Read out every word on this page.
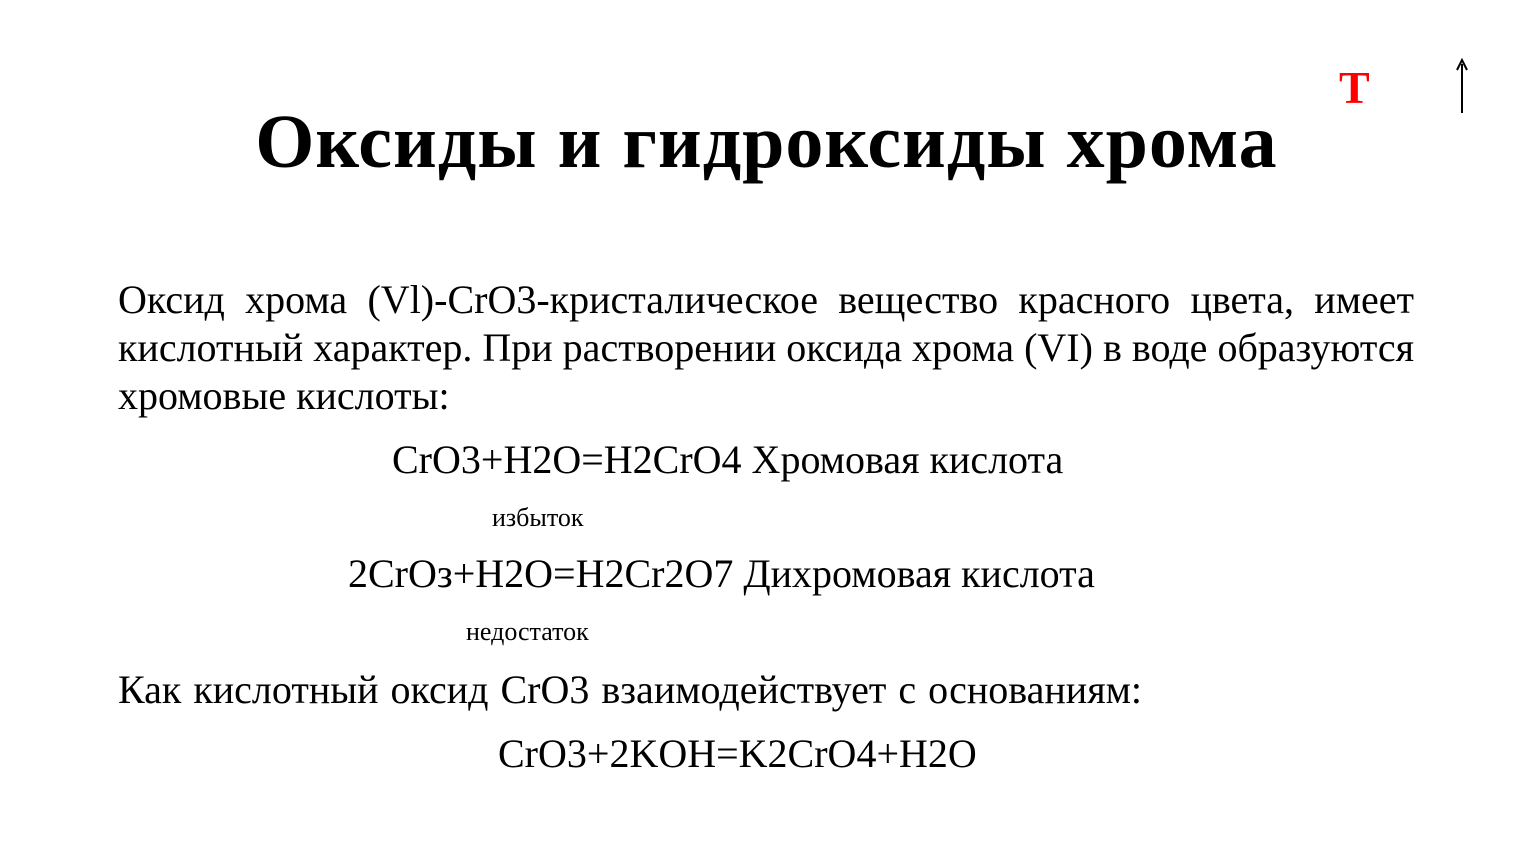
Оксиды и гидроксиды хрома
T
Оксид хрома (Vl)-CrO3-кристалическое вещество красного цвета, имеет кислотный характер. При растворении оксида хрома (VI) в воде образуются хромовые кислоты:
CrO3+H2O=H2CrO4 Хромовая кислота
избыток
2CrOз+H2O=H2Cr2O7 Дихромовая кислота
недостаток
Как кислотный оксид CrO3 взаимодействует с основаниям:
CrO3+2KOH=K2CrO4+H2O
